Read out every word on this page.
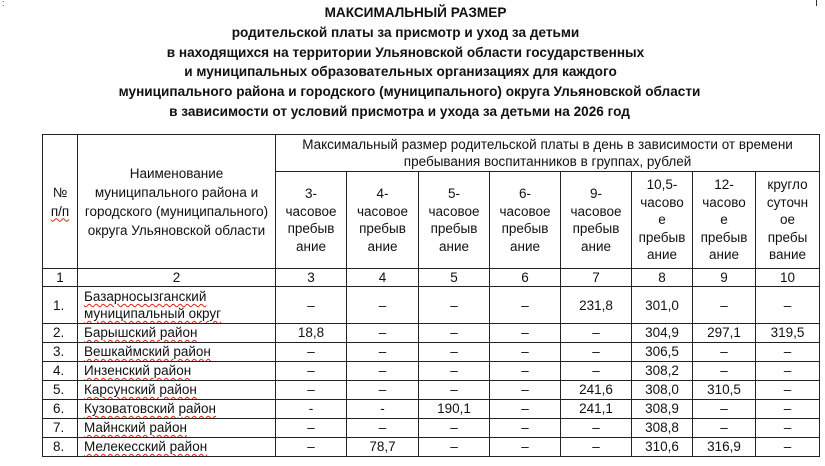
:
МАКСИМАЛЬНЫЙ РАЗМЕР
родительской платы за присмотр и уход за детьми
в находящихся на территории Ульяновской области государственных
и муниципальных образовательных организациях для каждого
муниципального района и городского (муниципального) округа Ульяновской области
в зависимости от условий присмотра и ухода за детьми на 2026 год
№
п/п	Наименование муниципального района и городского (муниципального) округа Ульяновской области	Максимальный размер родительской платы в день в зависимости от времени пребывания воспитанников в группах, рублей							
		3-
часовое
пребыв
ание	4-
часовое
пребыв
ание	5-
часовое
пребыв
ание	6-
часовое
пребыв
ание	9-
часовое
пребыв
ание	10,5-
часово
е
пребыв
ание	12-
часово
е
пребыв
ание	кругло
суточн
ое
пребы
вание
1	2	3	4	5	6	7	8	9	10
1.	Базарносызганский муниципальный округ	–	–	–	–	231,8	301,0	–	–
2.	Барышский район	18,8	–	–	–	–	304,9	297,1	319,5
3.	Вешкаймский район	–	–	–	–	–	306,5	–	–
4.	Инзенский район	–	–	–	–	–	308,2	–	–
5.	Карсунский район	–	–	–	–	241,6	308,0	310,5	–
6.	Кузоватовский район	-	-	190,1	–	241,1	308,9	–	–
7.	Майнский район	–	–	–	–	–	308,8	–	–
8.	Мелекесский район	–	78,7	–	–	–	310,6	316,9	–
